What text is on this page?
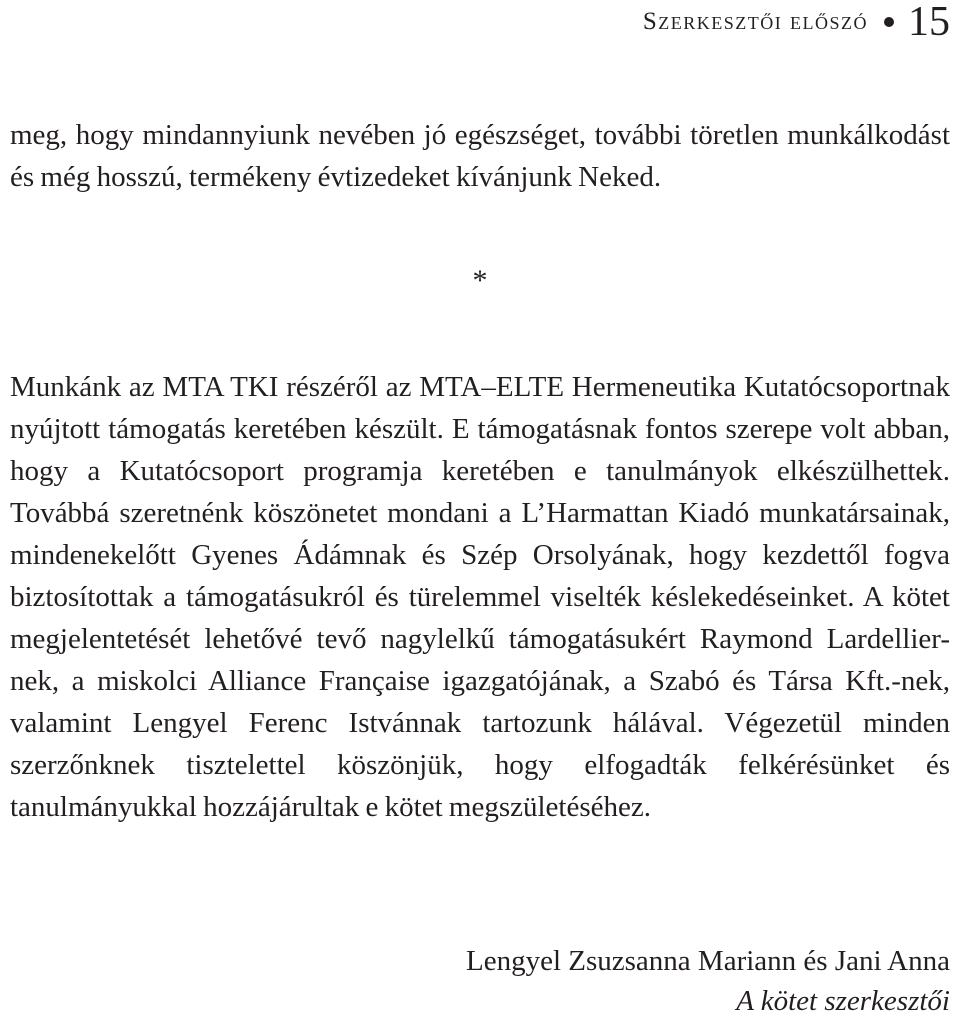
Szerkesztői előszó 15

meg, hogy mindannyiunk nevében jó egészséget, további töretlen munkálkodást és még hosszú, termékeny évtizedeket kívánjunk Neked.

*

Munkánk az MTA TKI részéről az MTA–ELTE Hermeneutika Kutatócsoportnak nyújtott támogatás keretében készült. E támogatásnak fontos szerepe volt abban, hogy a Kutatócsoport programja keretében e tanulmányok elkészülhettek. Továbbá szeretnénk köszönetet mondani a L’Harmattan Kiadó munkatársainak, mindenekelőtt Gyenes Ádámnak és Szép Orsolyának, hogy kezdettől fogva biztosítottak a támogatásukról és türelemmel viselték késlekedéseinket. A kötet megjelentetését lehetővé tevő nagylelkű támogatásukért Raymond Lardellier-nek, a miskolci Alliance Française igazgatójának, a Szabó és Társa Kft.-nek, valamint Lengyel Ferenc Istvánnak tartozunk hálával. Végezetül minden szerzőnknek tisztelettel köszönjük, hogy elfogadták felkérésünket és tanulmányukkal hozzájárultak e kötet megszületéséhez.

Lengyel Zsuzsanna Mariann és Jani Anna
A kötet szerkesztői
